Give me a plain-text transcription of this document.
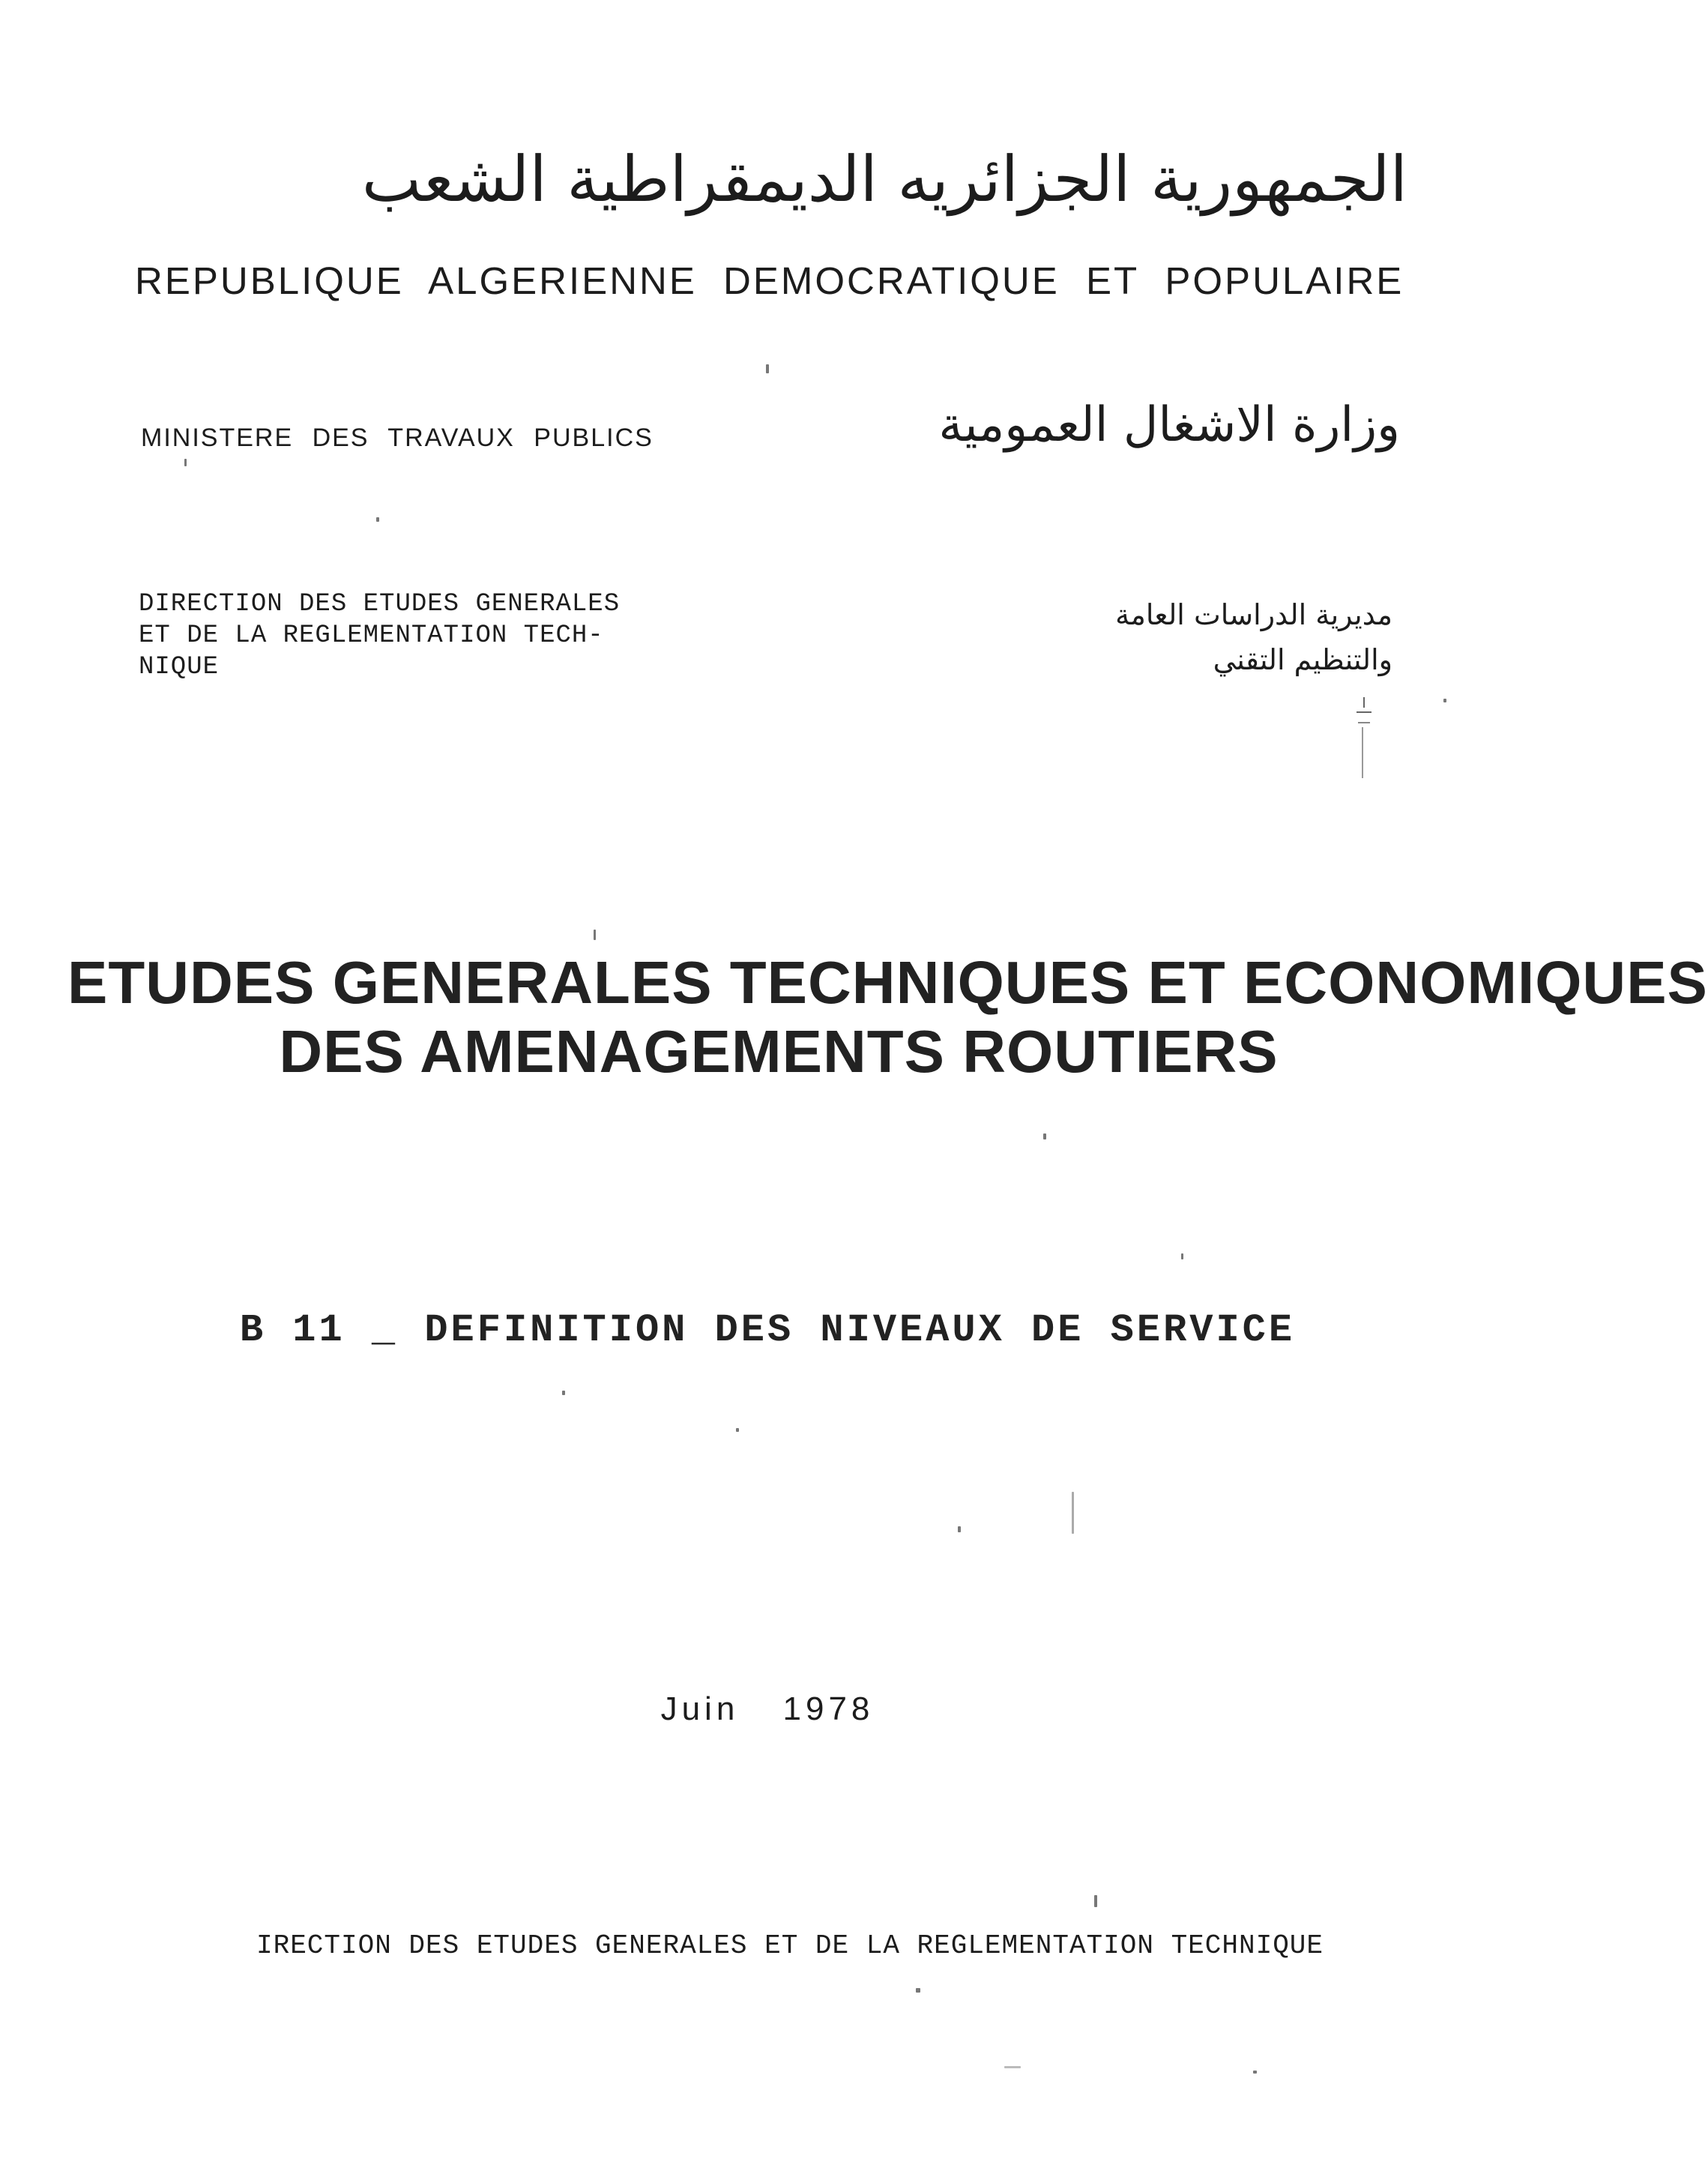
الجمهورية الجزائريه الديمقراطية الشعب
REPUBLIQUE ALGERIENNE DEMOCRATIQUE ET POPULAIRE
MINISTERE DES TRAVAUX PUBLICS	وزارة الاشغال العمومية
DIRECTION DES ETUDES GENERALES
ET DE LA REGLEMENTATION TECH-
NIQUE
مديرية الدراسات العامة
والتنظيم التقني
ETUDES GENERALES TECHNIQUES ET ECONOMIQUES
DES AMENAGEMENTS ROUTIERS
B 11 _ DEFINITION DES NIVEAUX DE SERVICE
Juin 1978
IRECTION DES ETUDES GENERALES ET DE LA REGLEMENTATION TECHNIQUE
